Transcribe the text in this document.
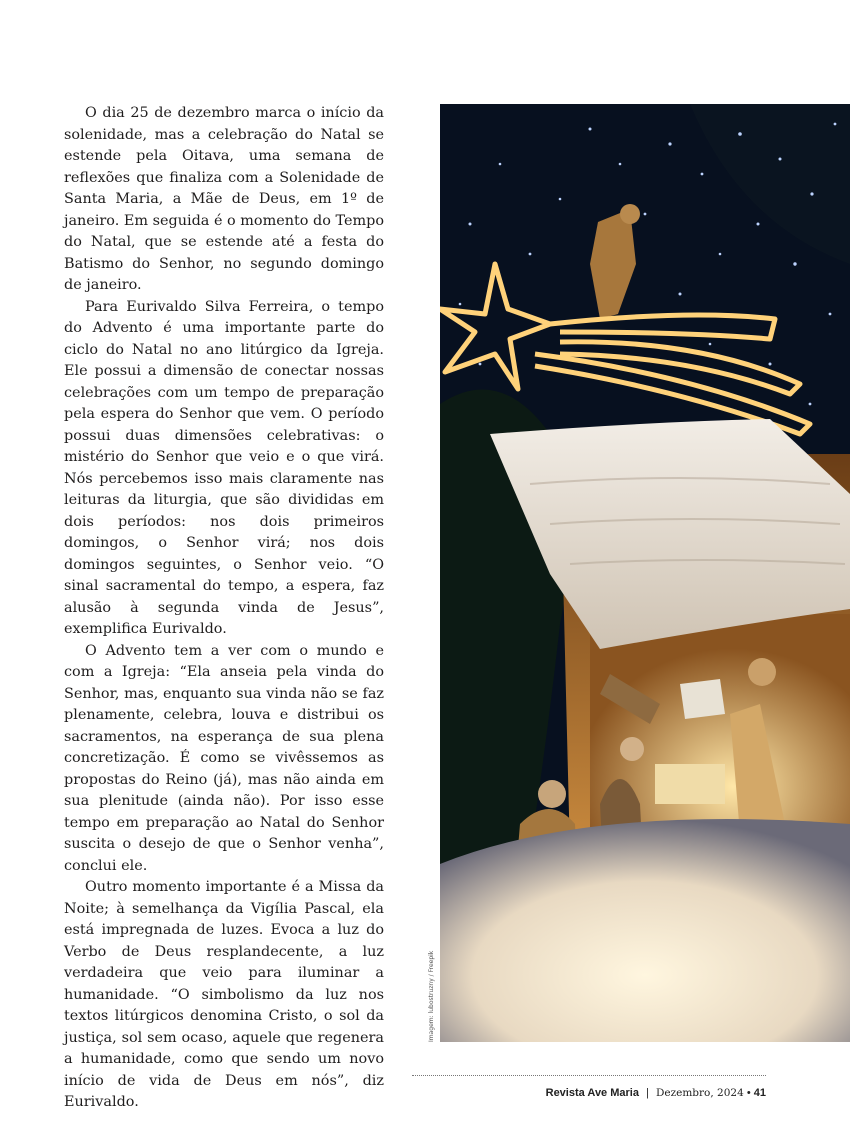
O dia 25 de dezembro marca o início da solenidade, mas a celebração do Natal se estende pela Oitava, uma semana de reflexões que finaliza com a Solenidade de Santa Maria, a Mãe de Deus, em 1º de janeiro. Em seguida é o momento do Tempo do Natal, que se estende até a festa do Batismo do Senhor, no segundo domingo de janeiro.

Para Eurivaldo Silva Ferreira, o tempo do Advento é uma importante parte do ciclo do Natal no ano litúrgico da Igreja. Ele possui a dimensão de conectar nossas celebrações com um tempo de preparação pela espera do Senhor que vem. O período possui duas dimensões celebrativas: o mistério do Senhor que veio e o que virá. Nós percebemos isso mais claramente nas leituras da liturgia, que são divididas em dois períodos: nos dois primeiros domingos, o Senhor virá; nos dois domingos seguintes, o Senhor veio. “O sinal sacramental do tempo, a espera, faz alusão à segunda vinda de Jesus”, exemplifica Eurivaldo.

O Advento tem a ver com o mundo e com a Igreja: “Ela anseia pela vinda do Senhor, mas, enquanto sua vinda não se faz plenamente, celebra, louva e distribui os sacramentos, na esperança de sua plena concretização. É como se vivêssemos as propostas do Reino (já), mas não ainda em sua plenitude (ainda não). Por isso esse tempo em preparação ao Natal do Senhor suscita o desejo de que o Senhor venha”, conclui ele.

Outro momento importante é a Missa da Noite; à semelhança da Vigília Pascal, ela está impregnada de luzes. Evoca a luz do Verbo de Deus resplandecente, a luz verdadeira que veio para iluminar a humanidade. “O simbolismo da luz nos textos litúrgicos denomina Cristo, o sol da justiça, sol sem ocaso, aquele que regenera a humanidade, como que sendo um novo início de vida de Deus em nós”, diz Eurivaldo.

Imagem: lubostruzny / Freepik
Revista Ave Maria | Dezembro, 2024 • 41
